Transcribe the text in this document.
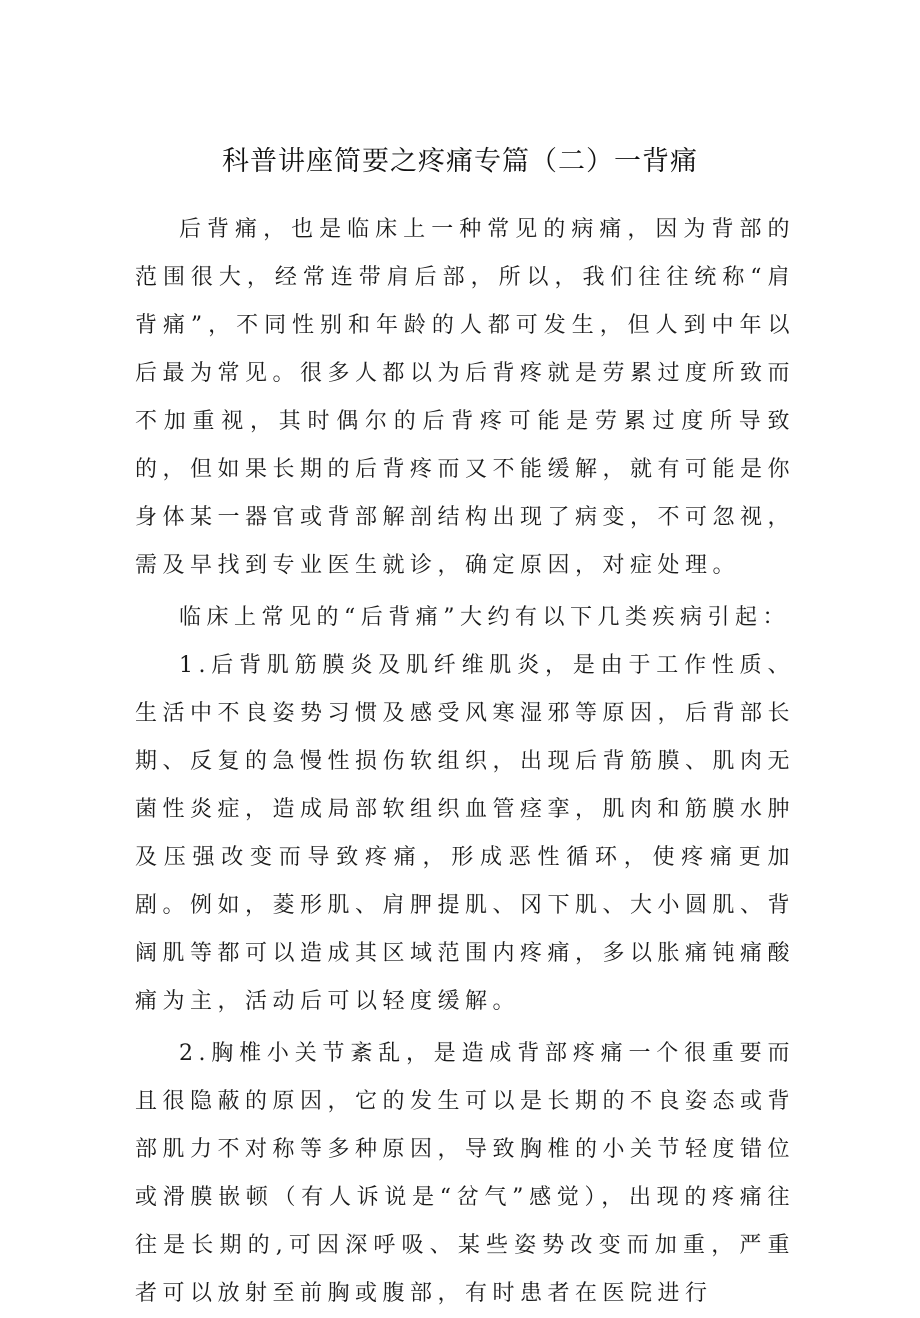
科普讲座简要之疼痛专篇（二）一背痛

后背痛，也是临床上一种常见的病痛，因为背部的范围很大，经常连带肩后部，所以，我们往往统称“肩背痛”，不同性别和年龄的人都可发生，但人到中年以后最为常见。很多人都以为后背疼就是劳累过度所致而不加重视，其时偶尔的后背疼可能是劳累过度所导致的，但如果长期的后背疼而又不能缓解，就有可能是你身体某一器官或背部解剖结构出现了病变，不可忽视，需及早找到专业医生就诊，确定原因，对症处理。

临床上常见的“后背痛”大约有以下几类疾病引起：

1.后背肌筋膜炎及肌纤维肌炎，是由于工作性质、生活中不良姿势习惯及感受风寒湿邪等原因，后背部长期、反复的急慢性损伤软组织，出现后背筋膜、肌肉无菌性炎症，造成局部软组织血管痉挛，肌肉和筋膜水肿及压强改变而导致疼痛，形成恶性循环，使疼痛更加剧。例如，菱形肌、肩胛提肌、冈下肌、大小圆肌、背阔肌等都可以造成其区域范围内疼痛，多以胀痛钝痛酸痛为主，活动后可以轻度缓解。

2.胸椎小关节紊乱，是造成背部疼痛一个很重要而且很隐蔽的原因，它的发生可以是长期的不良姿态或背部肌力不对称等多种原因，导致胸椎的小关节轻度错位或滑膜嵌顿（有人诉说是“岔气”感觉），出现的疼痛往往是长期的,可因深呼吸、某些姿势改变而加重，严重者可以放射至前胸或腹部，有时患者在医院进行
